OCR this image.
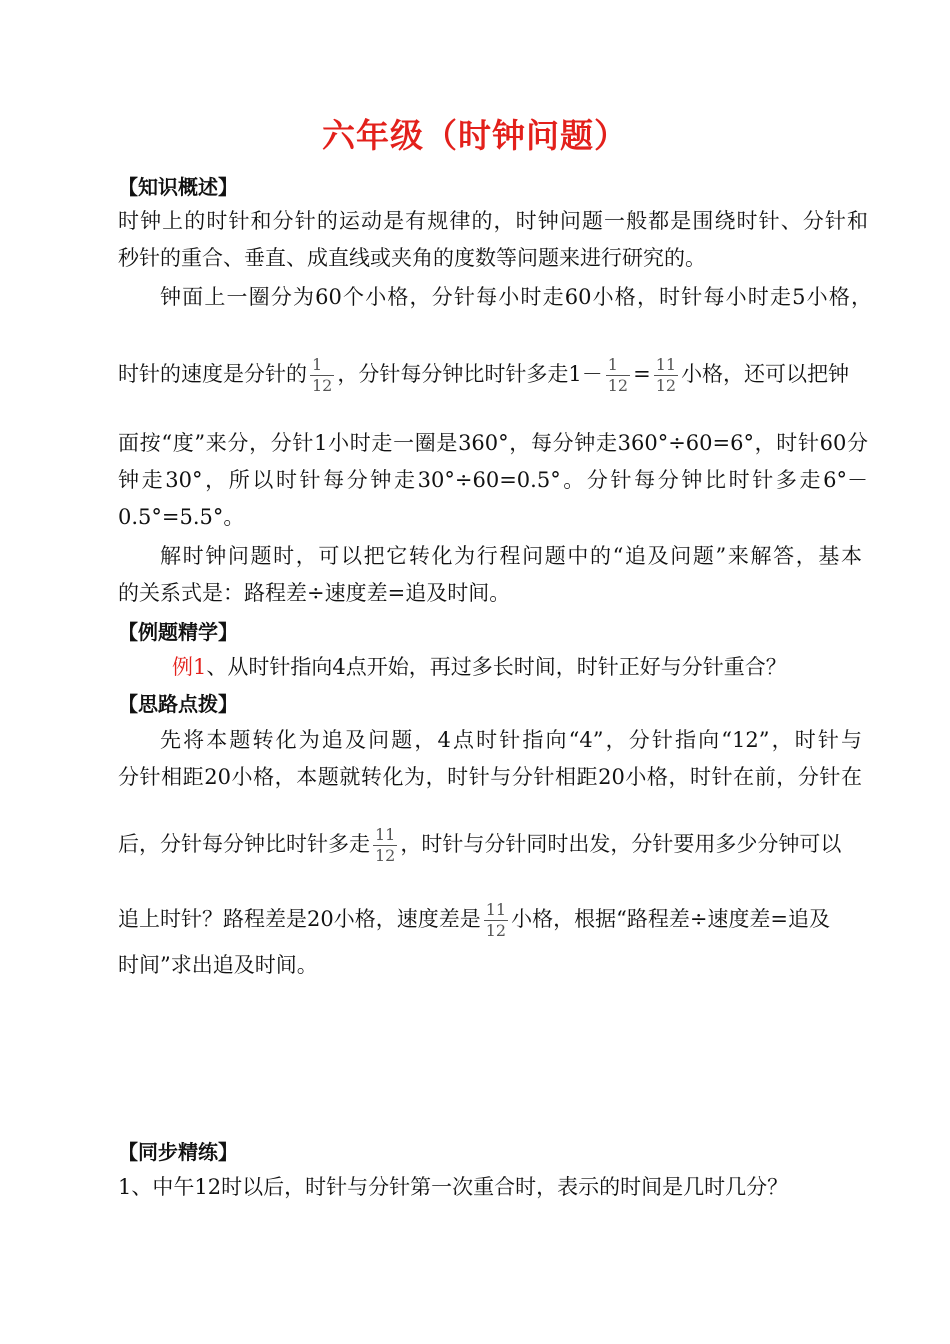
六年级（时钟问题）
【知识概述】
时钟上的时针和分针的运动是有规律的，时钟问题一般都是围绕时针、分针和
秒针的重合、垂直、成直线或夹角的度数等问题来进行研究的。
钟面上一圈分为60个小格，分针每小时走60小格，时针每小时走5小格，
时针的速度是分针的 $\frac{1}{12}$ ，分针每分钟比时针多走$1- \frac{1}{12} = \frac{11}{12}$ 小格，还可以把钟
面按“度”来分，分针1小时走一圈是360°，每分钟走360°÷60=6°，时针60分
钟走30°，所以时针每分钟走30°÷60=0.5°。分针每分钟比时针多走6°－
0.5°=5.5°。
解时钟问题时，可以把它转化为行程问题中的“追及问题”来解答，基本
的关系式是：路程差÷速度差=追及时间。
【例题精学】
例1、从时针指向4点开始，再过多长时间，时针正好与分针重合？
【思路点拨】
先将本题转化为追及问题，4点时针指向“4”，分针指向“12”，时针与
分针相距20小格，本题就转化为，时针与分针相距20小格，时针在前，分针在
后，分针每分钟比时针多走 $\frac{11}{12}$ ，时针与分针同时出发，分针要用多少分钟可以
追上时针？路程差是20小格，速度差是 $\frac{11}{12}$ 小格，根据“路程差÷速度差=追及
时间”求出追及时间。
【同步精练】
1、中午12时以后，时针与分针第一次重合时，表示的时间是几时几分？
